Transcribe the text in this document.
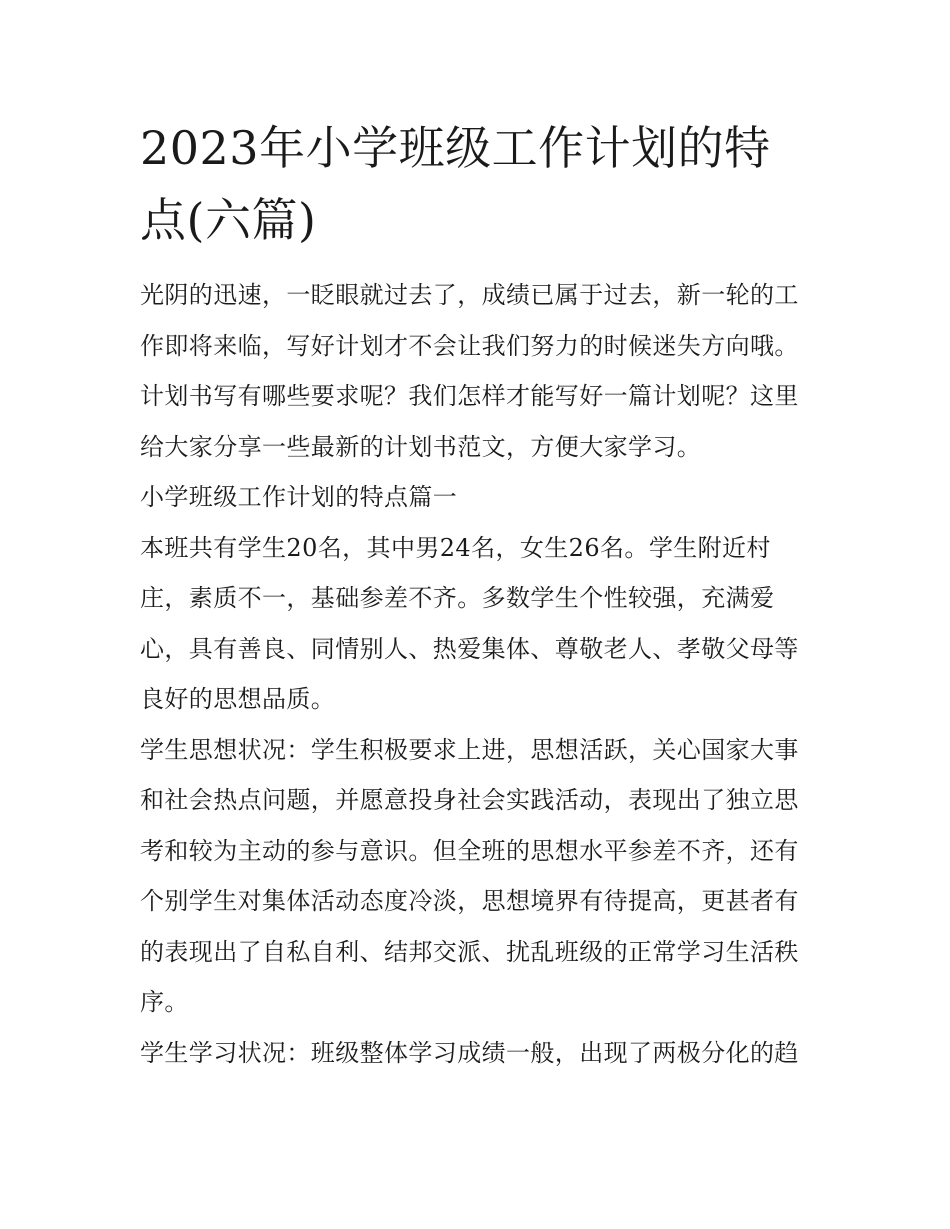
2023年小学班级工作计划的特
点(六篇)

光阴的迅速，一眨眼就过去了，成绩已属于过去，新一轮的工
作即将来临，写好计划才不会让我们努力的时候迷失方向哦。
计划书写有哪些要求呢？我们怎样才能写好一篇计划呢？这里
给大家分享一些最新的计划书范文，方便大家学习。

小学班级工作计划的特点篇一

本班共有学生20名，其中男24名，女生26名。学生附近村
庄，素质不一，基础参差不齐。多数学生个性较强，充满爱
心，具有善良、同情别人、热爱集体、尊敬老人、孝敬父母等
良好的思想品质。

学生思想状况：学生积极要求上进，思想活跃，关心国家大事
和社会热点问题，并愿意投身社会实践活动，表现出了独立思
考和较为主动的参与意识。但全班的思想水平参差不齐，还有
个别学生对集体活动态度冷淡，思想境界有待提高，更甚者有
的表现出了自私自利、结邦交派、扰乱班级的正常学习生活秩
序。

学生学习状况：班级整体学习成绩一般，出现了两极分化的趋
